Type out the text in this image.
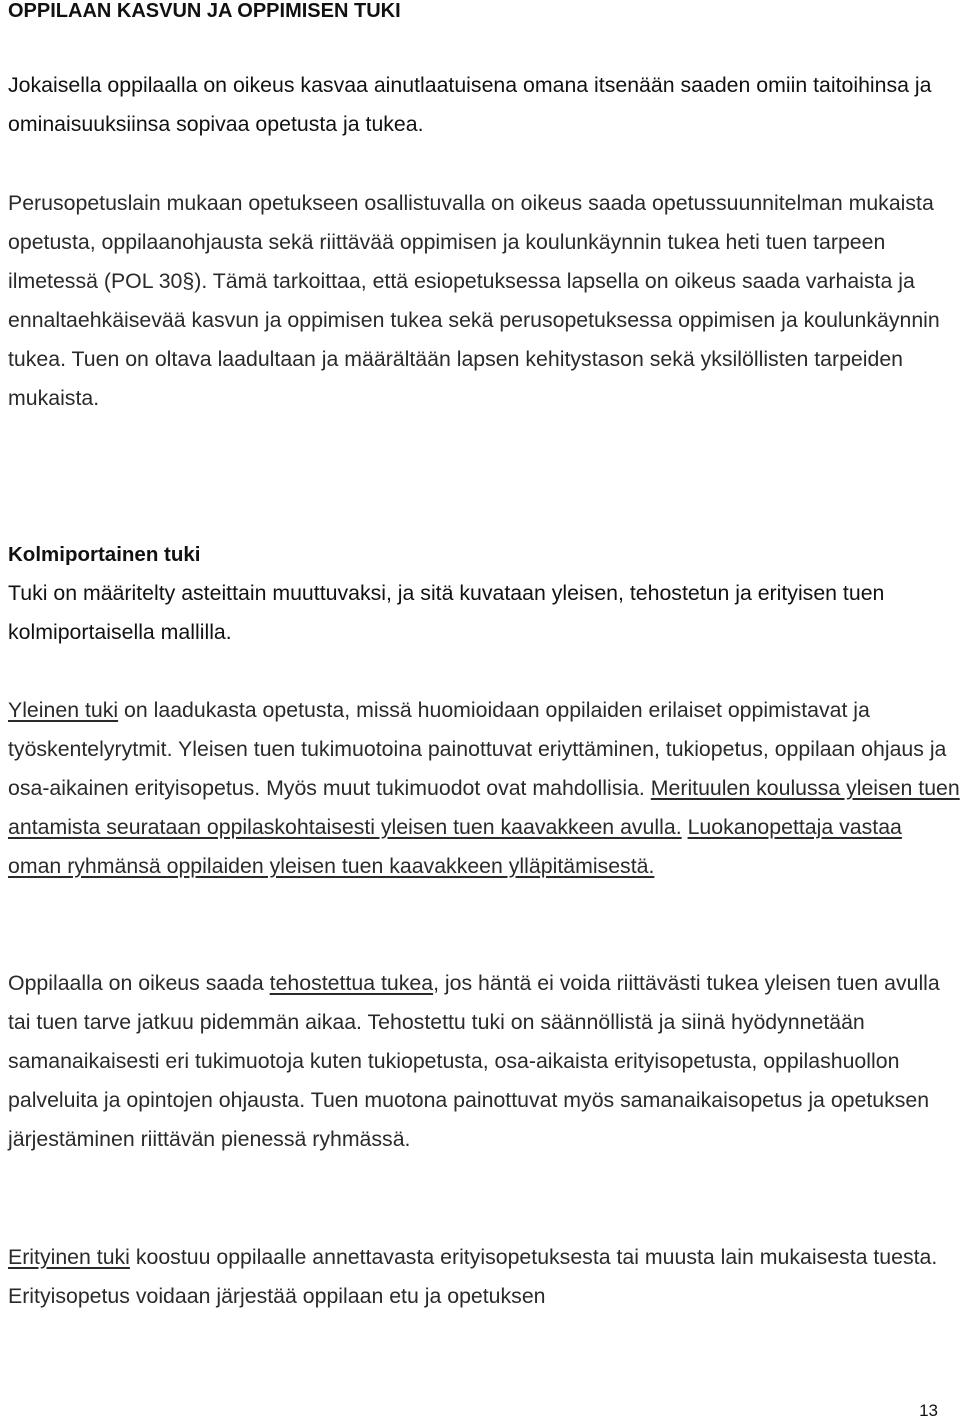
OPPILAAN KASVUN JA OPPIMISEN TUKI

Jokaisella oppilaalla on oikeus kasvaa ainutlaatuisena omana itsenään saaden omiin taitoihinsa ja ominaisuuksiinsa sopivaa opetusta ja tukea.

Perusopetuslain mukaan opetukseen osallistuvalla on oikeus saada opetussuunnitelman mukaista opetusta, oppilaanohjausta sekä riittävää oppimisen ja koulunkäynnin tukea heti tuen tarpeen ilmetessä (POL 30§). Tämä tarkoittaa, että esiopetuksessa lapsella on oikeus saada varhaista ja ennaltaehkäisevää kasvun ja oppimisen tukea sekä perusopetuksessa oppimisen ja koulunkäynnin tukea. Tuen on oltava laadultaan ja määrältään lapsen kehitystason sekä yksilöllisten tarpeiden mukaista.

Kolmiportainen tuki

Tuki on määritelty asteittain muuttuvaksi, ja sitä kuvataan yleisen, tehostetun ja erityisen tuen kolmiportaisella mallilla.

Yleinen tuki on laadukasta opetusta, missä huomioidaan oppilaiden erilaiset oppimistavat ja työskentelyrytmit. Yleisen tuen tukimuotoina painottuvat eriyttäminen, tukiopetus, oppilaan ohjaus ja osa-aikainen erityisopetus. Myös muut tukimuodot ovat mahdollisia. Merituulen koulussa yleisen tuen antamista seurataan oppilaskohtaisesti yleisen tuen kaavakkeen avulla. Luokanopettaja vastaa oman ryhmänsä oppilaiden yleisen tuen kaavakkeen ylläpitämisestä.

Oppilaalla on oikeus saada tehostettua tukea, jos häntä ei voida riittävästi tukea yleisen tuen avulla tai tuen tarve jatkuu pidemmän aikaa. Tehostettu tuki on säännöllistä ja siinä hyödynnetään samanaikaisesti eri tukimuotoja kuten tukiopetusta, osa-aikaista erityisopetusta, oppilashuollon palveluita ja opintojen ohjausta. Tuen muotona painottuvat myös samanaikaisopetus ja opetuksen järjestäminen riittävän pienessä ryhmässä.

Erityinen tuki koostuu oppilaalle annettavasta erityisopetuksesta tai muusta lain mukaisesta tuesta. Erityisopetus voidaan järjestää oppilaan etu ja opetuksen

13
